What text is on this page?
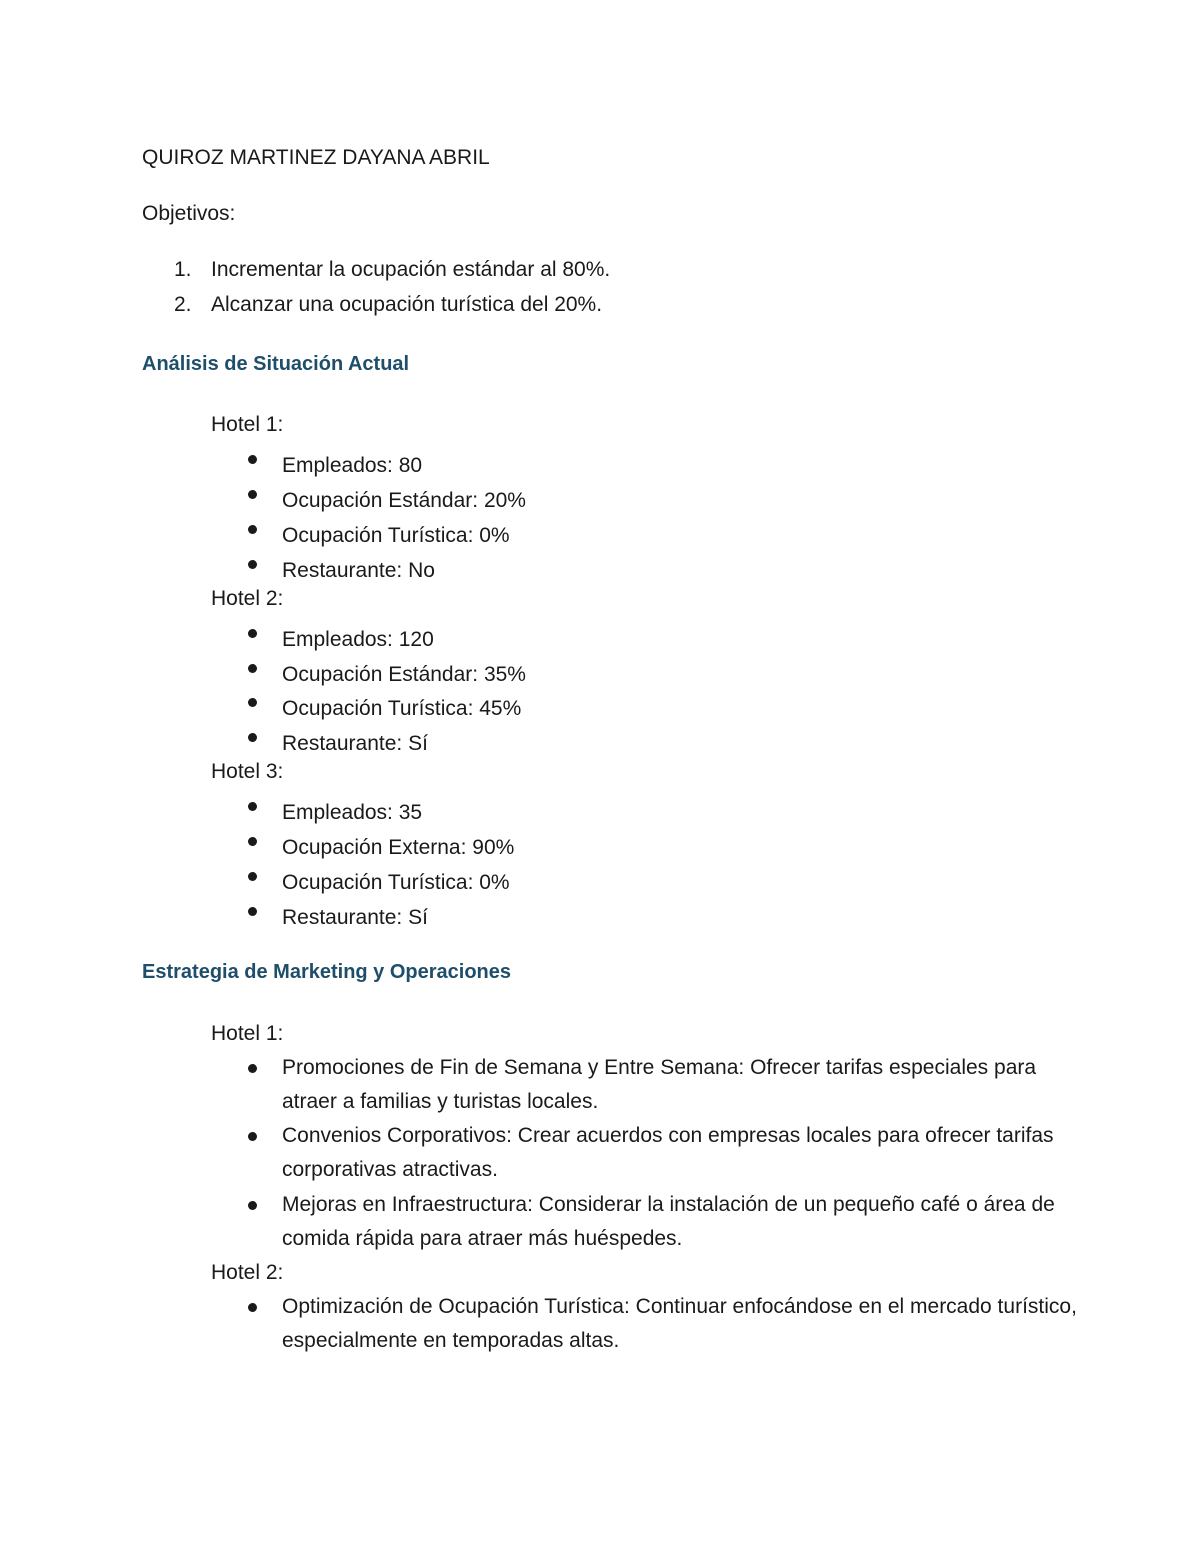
QUIROZ MARTINEZ DAYANA ABRIL
Objetivos:
1. Incrementar la ocupación estándar al 80%.
2. Alcanzar una ocupación turística del 20%.
Análisis de Situación Actual
Hotel 1:
Empleados: 80
Ocupación Estándar: 20%
Ocupación Turística: 0%
Restaurante: No
Hotel 2:
Empleados: 120
Ocupación Estándar: 35%
Ocupación Turística: 45%
Restaurante: Sí
Hotel 3:
Empleados: 35
Ocupación Externa: 90%
Ocupación Turística: 0%
Restaurante: Sí
Estrategia de Marketing y Operaciones
Hotel 1:
Promociones de Fin de Semana y Entre Semana: Ofrecer tarifas especiales para atraer a familias y turistas locales.
Convenios Corporativos: Crear acuerdos con empresas locales para ofrecer tarifas corporativas atractivas.
Mejoras en Infraestructura: Considerar la instalación de un pequeño café o área de comida rápida para atraer más huéspedes.
Hotel 2:
Optimización de Ocupación Turística: Continuar enfocándose en el mercado turístico, especialmente en temporadas altas.
